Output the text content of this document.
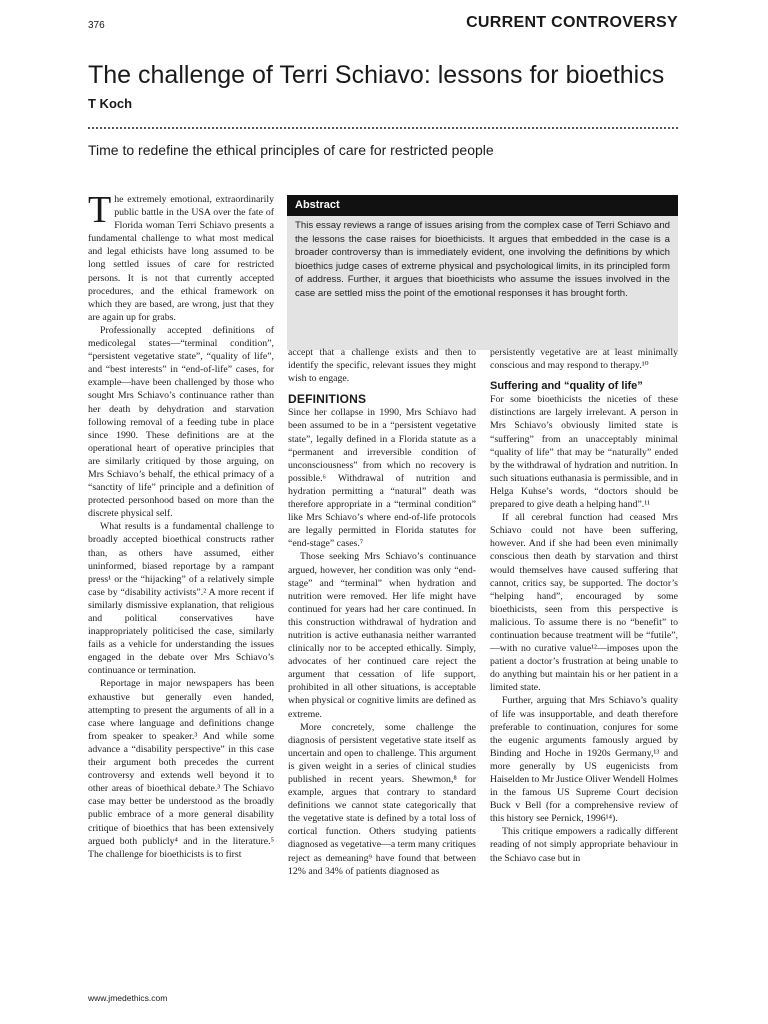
376	CURRENT CONTROVERSY
The challenge of Terri Schiavo: lessons for bioethics
T Koch
Time to redefine the ethical principles of care for restricted people
Abstract
This essay reviews a range of issues arising from the complex case of Terri Schiavo and the lessons the case raises for bioethicists. It argues that embedded in the case is a broader controversy than is immediately evident, one involving the definitions by which bioethics judge cases of extreme physical and psychological limits, in its principled form of address. Further, it argues that bioethicists who assume the issues involved in the case are settled miss the point of the emotional responses it has brought forth.

The extremely emotional, extraordinarily public battle in the USA over the fate of Florida woman Terri Schiavo presents a fundamental challenge to what most medical and legal ethicists have long assumed to be long settled issues of care for restricted persons. It is not that currently accepted procedures, and the ethical framework on which they are based, are wrong, just that they are again up for grabs.

Professionally accepted definitions of medicolegal states—“terminal condition”, “persistent vegetative state”, “quality of life”, and “best interests” in “end-of-life” cases, for example—have been challenged by those who sought Mrs Schiavo’s continuance rather than her death by dehydration and starvation following removal of a feeding tube in place since 1990. These definitions are at the operational heart of operative principles that are similarly critiqued by those arguing, on Mrs Schiavo’s behalf, the ethical primacy of a “sanctity of life” principle and a definition of protected personhood based on more than the discrete physical self.

What results is a fundamental challenge to broadly accepted bioethical constructs rather than, as others have assumed, either uninformed, biased reportage by a rampant press¹ or the “hijacking” of a relatively simple case by “disability activists”.² A more recent if similarly dismissive explanation, that religious and political conservatives have inappropriately politicised the case, similarly fails as a vehicle for understanding the issues engaged in the debate over Mrs Schiavo’s continuance or termination.

Reportage in major newspapers has been exhaustive but generally even handed, attempting to present the arguments of all in a case where language and definitions change from speaker to speaker.³ And while some advance a “disability perspective” in this case their argument both precedes the current controversy and extends well beyond it to other areas of bioethical debate.³ The Schiavo case may better be understood as the broadly public embrace of a more general disability critique of bioethics that has been extensively argued both publicly⁴ and in the literature.⁵ The challenge for bioethicists is to first

accept that a challenge exists and then to identify the specific, relevant issues they might wish to engage.

DEFINITIONS

Since her collapse in 1990, Mrs Schiavo had been assumed to be in a “persistent vegetative state”, legally defined in a Florida statute as a “permanent and irreversible condition of unconsciousness” from which no recovery is possible.⁶ Withdrawal of nutrition and hydration permitting a “natural” death was therefore appropriate in a “terminal condition” like Mrs Schiavo’s where end-of-life protocols are legally permitted in Florida statutes for “end-stage” cases.⁷

Those seeking Mrs Schiavo’s continuance argued, however, her condition was only “end-stage” and “terminal” when hydration and nutrition were removed. Her life might have continued for years had her care continued. In this construction withdrawal of hydration and nutrition is active euthanasia neither warranted clinically nor to be accepted ethically. Simply, advocates of her continued care reject the argument that cessation of life support, prohibited in all other situations, is acceptable when physical or cognitive limits are defined as extreme.

More concretely, some challenge the diagnosis of persistent vegetative state itself as uncertain and open to challenge. This argument is given weight in a series of clinical studies published in recent years. Shewmon,⁸ for example, argues that contrary to standard definitions we cannot state categorically that the vegetative state is defined by a total loss of cortical function. Others studying patients diagnosed as vegetative—a term many critiques reject as demeaning⁹ have found that between 12% and 34% of patients diagnosed as

persistently vegetative are at least minimally conscious and may respond to therapy.¹⁰

Suffering and “quality of life”

For some bioethicists the niceties of these distinctions are largely irrelevant. A person in Mrs Schiavo’s obviously limited state is “suffering” from an unacceptably minimal “quality of life” that may be “naturally” ended by the withdrawal of hydration and nutrition. In such situations euthanasia is permissible, and in Helga Kuhse’s words, “doctors should be prepared to give death a helping hand”.¹¹

If all cerebral function had ceased Mrs Schiavo could not have been suffering, however. And if she had been even minimally conscious then death by starvation and thirst would themselves have caused suffering that cannot, critics say, be supported. The doctor’s “helping hand”, encouraged by some bioethicists, seen from this perspective is malicious. To assume there is no “benefit” to continuation because treatment will be “futile”,—with no curative value¹²—imposes upon the patient a doctor’s frustration at being unable to do anything but maintain his or her patient in a limited state.

Further, arguing that Mrs Schiavo’s quality of life was insupportable, and death therefore preferable to continuation, conjures for some the eugenic arguments famously argued by Binding and Hoche in 1920s Germany,¹³ and more generally by US eugenicists from Haiselden to Mr Justice Oliver Wendell Holmes in the famous US Supreme Court decision Buck v Bell (for a comprehensive review of this history see Pernick, 1996¹⁴).

This critique empowers a radically different reading of not simply appropriate behaviour in the Schiavo case but in

www.jmedethics.com
